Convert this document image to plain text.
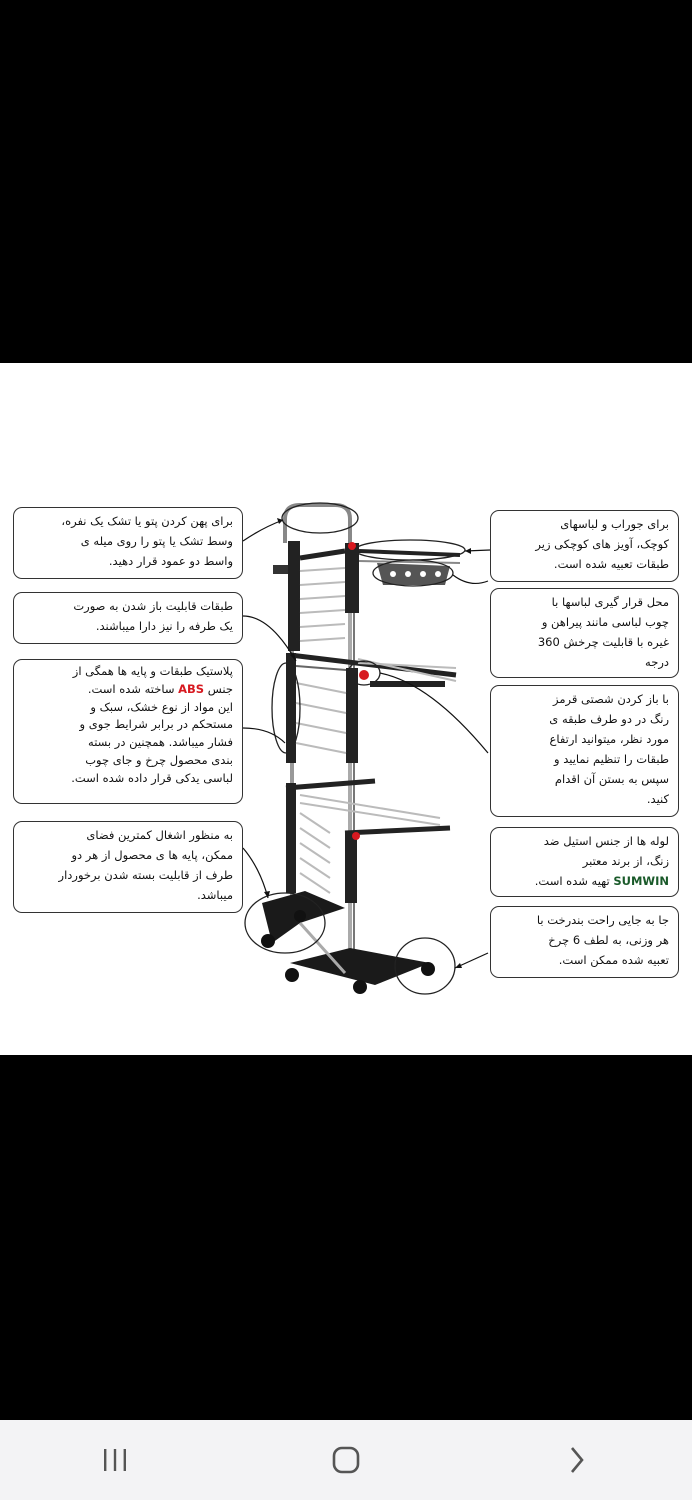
برای پهن کردن پتو یا تشک یک نفره،
وسط تشک یا پتو را روی میله ی
واسط دو عمود قرار دهید.
طبقات قابلیت باز شدن به صورت
یک طرفه را نیز دارا میباشند.
پلاستیک طبقات و پایه ها همگی از
جنس ABS ساخته شده است.
این مواد از نوع خشک، سبک و
مستحکم در برابر شرایط جوی و
فشار میباشد. همچنین در بسته
بندی محصول چرخ و جای چوب
لباسی یدکی قرار داده شده است.
به منظور اشغال کمترین فضای
ممکن، پایه ها ی محصول از هر دو
طرف از قابلیت بسته شدن برخوردار
میباشد.
برای جوراب و لباسهای
کوچک، آویز های کوچکی زیر
طبقات تعبیه شده است.
محل قرار گیری لباسها با
چوب لباسی مانند پیراهن و
غیره با قابلیت چرخش 360
درجه
با باز کردن شصتی قرمز
رنگ در دو طرف طبقه ی
مورد نظر، میتوانید ارتفاع
طبقات را تنظیم نمایید و
سپس به بستن آن اقدام
کنید.
لوله ها از جنس استیل ضد
زنگ، از برند معتبر
SUMWIN تهیه شده است.
جا به جایی راحت بندرخت با
هر وزنی، به لطف 6 چرخ
تعبیه شده ممکن است.
